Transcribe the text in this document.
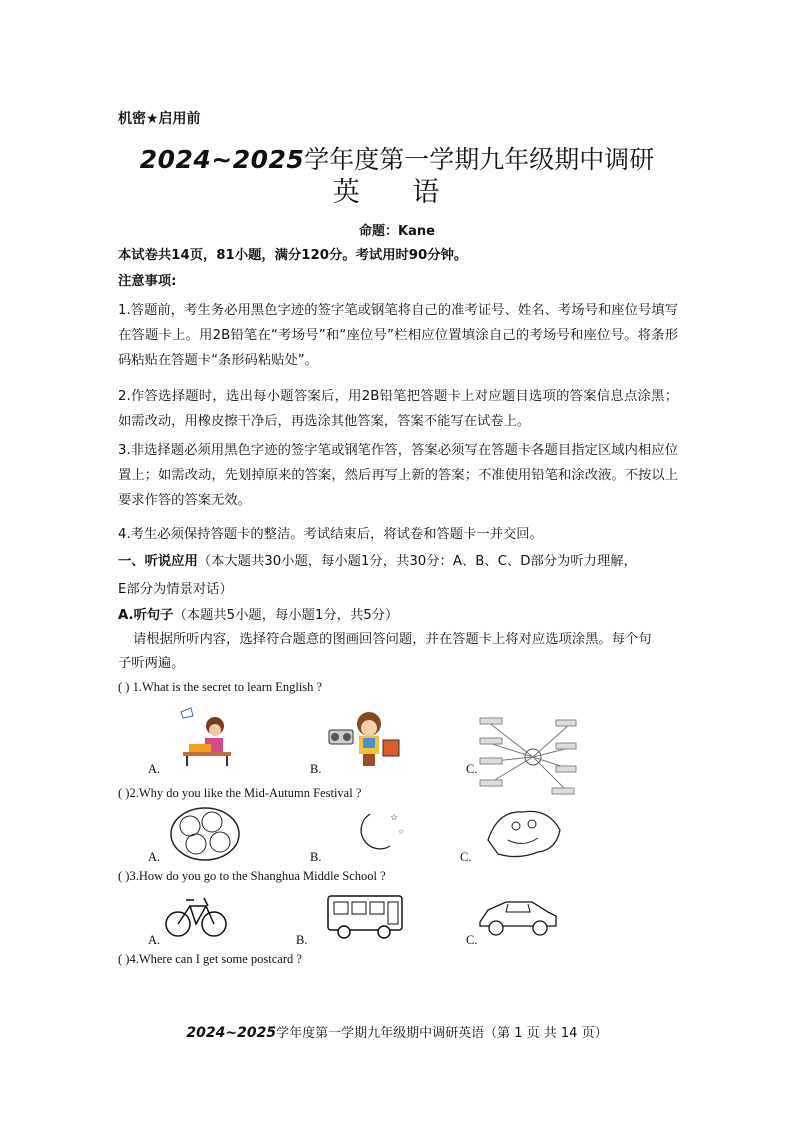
机密★启用前
2024~2025学年度第一学期九年级期中调研
英 语
命题：Kane
本试卷共14页，81小题，满分120分。考试用时90分钟。
注意事项:
1.答题前，考生务必用黑色字迹的签字笔或钢笔将自己的准考证号、姓名、考场号和座位号填写在答题卡上。用2B铅笔在“考场号”和“座位号”栏相应位置填涂自己的考场号和座位号。将条形码粘贴在答题卡“条形码粘贴处”。
2.作答选择题时，选出每小题答案后，用2B铅笔把答题卡上对应题目选项的答案信息点涂黑；如需改动，用橡皮擦干净后，再选涂其他答案，答案不能写在试卷上。
3.非选择题必须用黑色字迹的签字笔或钢笔作答，答案必须写在答题卡各题目指定区域内相应位置上；如需改动，先划掉原来的答案，然后再写上新的答案；不准使用铅笔和涂改液。不按以上要求作答的答案无效。
4.考生必须保持答题卡的整洁。考试结束后，将试卷和答题卡一并交回。
一、听说应用（本大题共30小题，每小题1分，共30分：A、B、C、D部分为听力理解，
E部分为情景对话）
A.听句子（本题共5小题，每小题1分，共5分）
请根据所听内容，选择符合题意的图画回答问题，并在答题卡上将对应选项涂黑。每个句
子听两遍。
( ) 1.What is the secret to learn English ?
A.	B.	C.
( )2.Why do you like the Mid-Autumn Festival ?
☆
☆
A.	B.	C.
( )3.How do you go to the Shanghua Middle School ?
A.	B.	C.
( )4.Where can I get some postcard ?
2024~2025学年度第一学期九年级期中调研英语（第 1 页 共 14 页）
